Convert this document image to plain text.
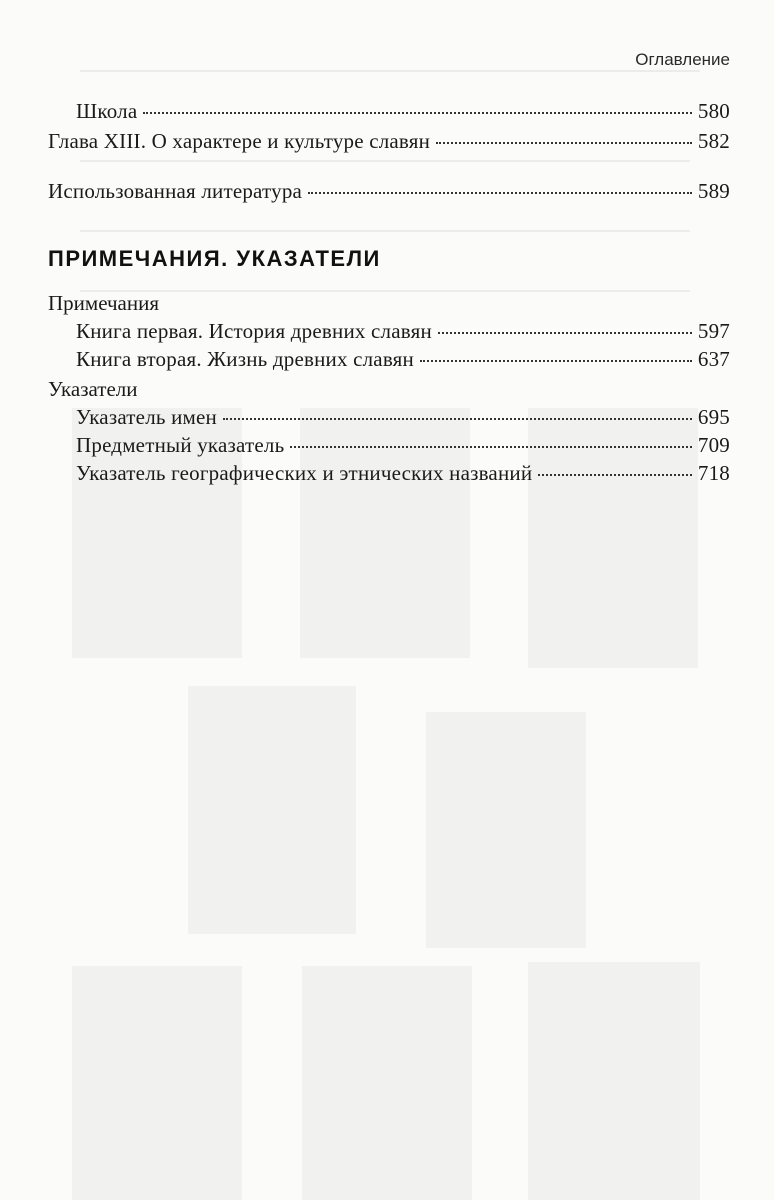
Оглавление
Школа	580
Глава XIII. О характере и культуре славян	582
Использованная литература	589
ПРИМЕЧАНИЯ. УКАЗАТЕЛИ
Примечания
Книга первая. История древних славян	597
Книга вторая. Жизнь древних славян	637
Указатели
Указатель имен	695
Предметный указатель	709
Указатель географических и этнических названий	718
